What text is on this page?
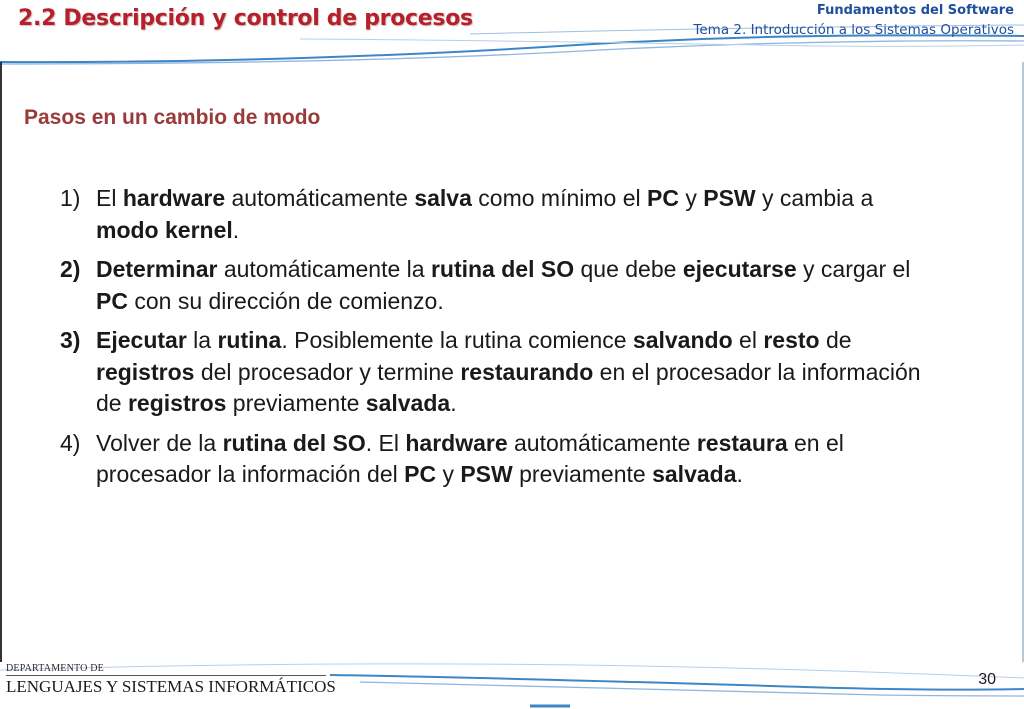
2.2 Descripción y control de procesos	Fundamentos del Software
Tema 2. Introducción a los Sistemas Operativos
Pasos en un cambio de modo
1) El hardware automáticamente salva como mínimo el PC y PSW y cambia a modo kernel.
2) Determinar automáticamente la rutina del SO que debe ejecutarse y cargar el PC con su dirección de comienzo.
3) Ejecutar la rutina. Posiblemente la rutina comience salvando el resto de registros del procesador y termine restaurando en el procesador la información de registros previamente salvada.
4) Volver de la rutina del SO. El hardware automáticamente restaura en el procesador la información del PC y PSW previamente salvada.
DEPARTAMENTO DE
LENGUAJES Y SISTEMAS INFORMÁTICOS	30
